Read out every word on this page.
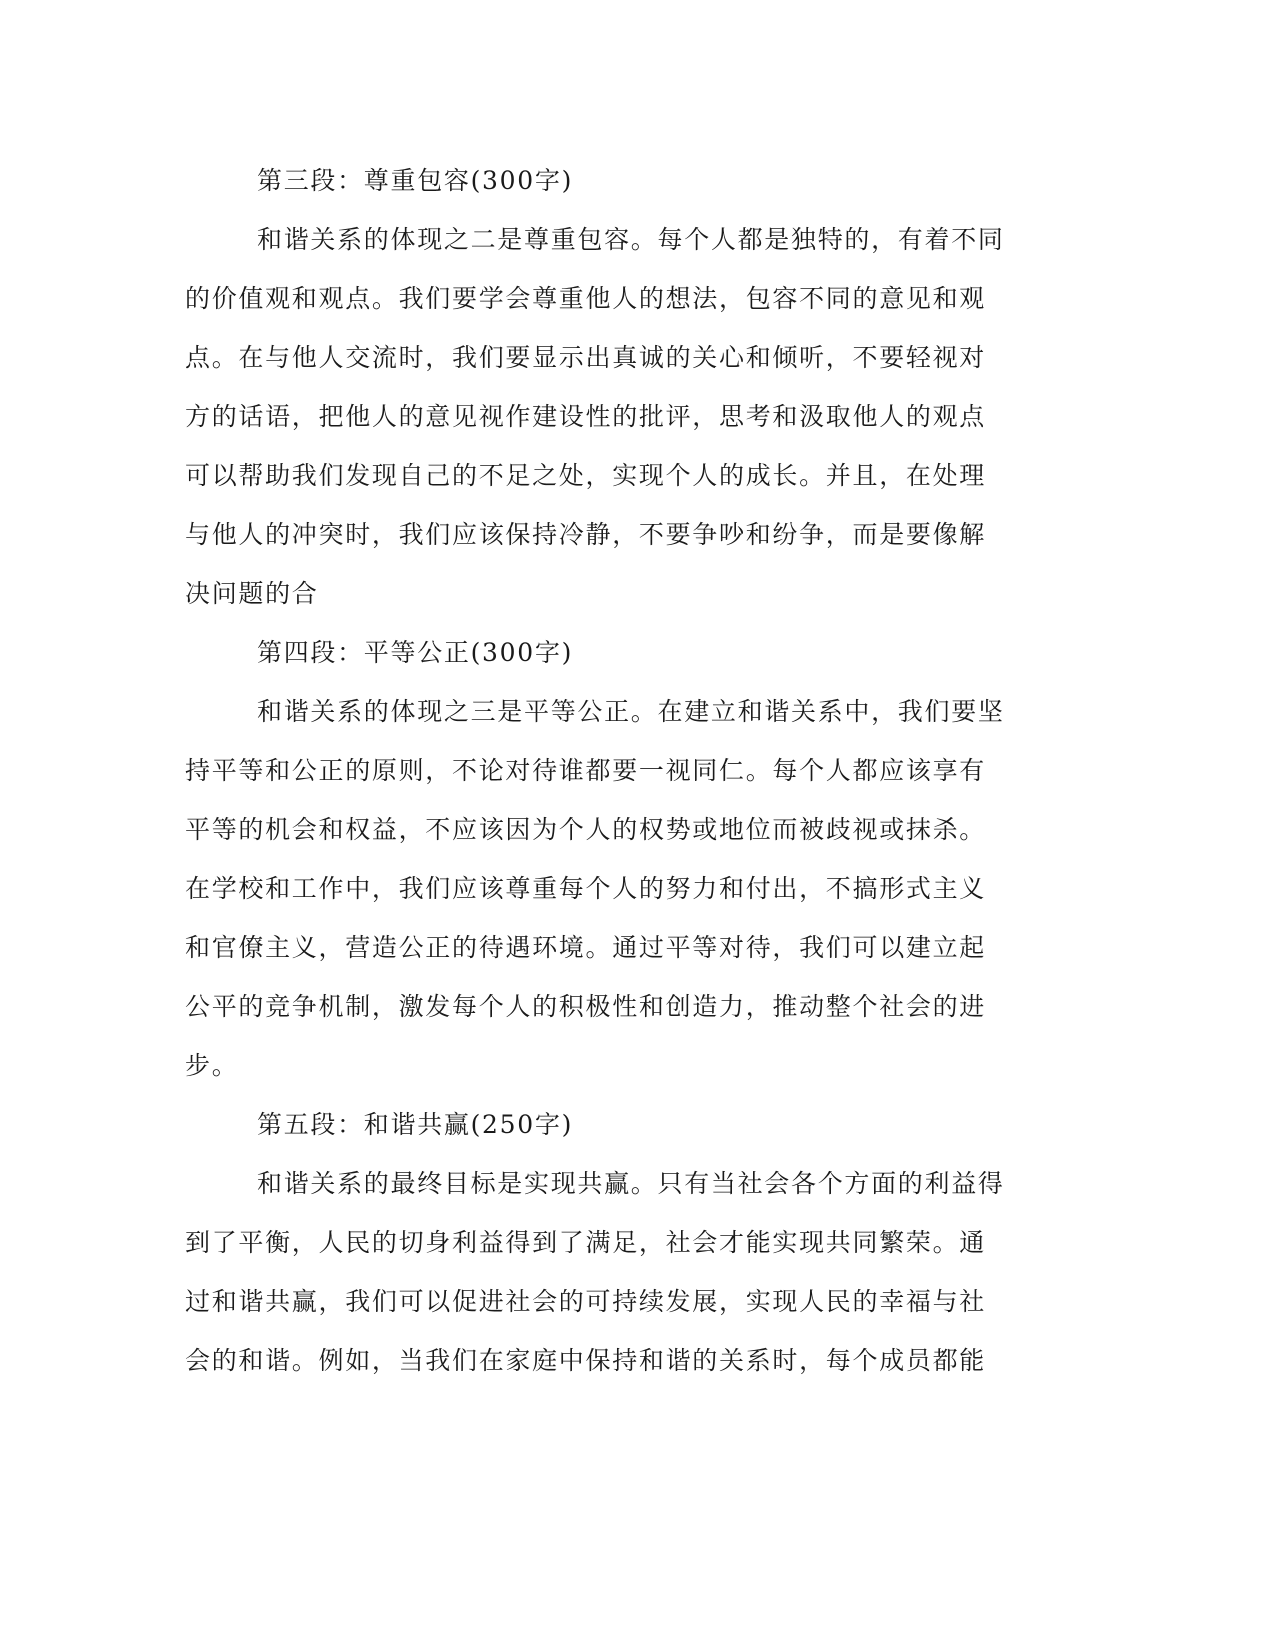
第三段：尊重包容(300字)
和谐关系的体现之二是尊重包容。每个人都是独特的，有着不同
的价值观和观点。我们要学会尊重他人的想法，包容不同的意见和观
点。在与他人交流时，我们要显示出真诚的关心和倾听，不要轻视对
方的话语，把他人的意见视作建设性的批评，思考和汲取他人的观点
可以帮助我们发现自己的不足之处，实现个人的成长。并且，在处理
与他人的冲突时，我们应该保持冷静，不要争吵和纷争，而是要像解
决问题的合
第四段：平等公正(300字)
和谐关系的体现之三是平等公正。在建立和谐关系中，我们要坚
持平等和公正的原则，不论对待谁都要一视同仁。每个人都应该享有
平等的机会和权益，不应该因为个人的权势或地位而被歧视或抹杀。
在学校和工作中，我们应该尊重每个人的努力和付出，不搞形式主义
和官僚主义，营造公正的待遇环境。通过平等对待，我们可以建立起
公平的竞争机制，激发每个人的积极性和创造力，推动整个社会的进
步。
第五段：和谐共赢(250字)
和谐关系的最终目标是实现共赢。只有当社会各个方面的利益得
到了平衡，人民的切身利益得到了满足，社会才能实现共同繁荣。通
过和谐共赢，我们可以促进社会的可持续发展，实现人民的幸福与社
会的和谐。例如，当我们在家庭中保持和谐的关系时，每个成员都能
